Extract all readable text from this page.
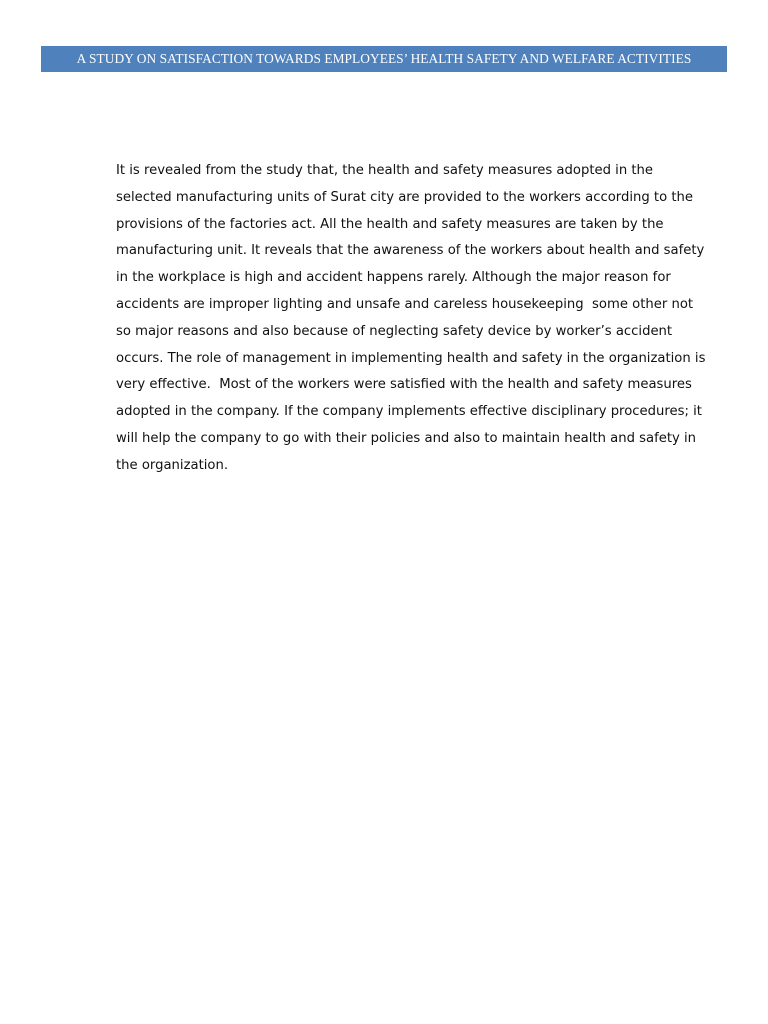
A STUDY ON SATISFACTION TOWARDS EMPLOYEES’ HEALTH SAFETY AND WELFARE ACTIVITIES

It is revealed from the study that, the health and safety measures adopted in the
selected manufacturing units of Surat city are provided to the workers according to the
provisions of the factories act. All the health and safety measures are taken by the
manufacturing unit. It reveals that the awareness of the workers about health and safety
in the workplace is high and accident happens rarely. Although the major reason for
accidents are improper lighting and unsafe and careless housekeeping  some other not
so major reasons and also because of neglecting safety device by worker’s accident
occurs. The role of management in implementing health and safety in the organization is
very effective.  Most of the workers were satisfied with the health and safety measures
adopted in the company. If the company implements effective disciplinary procedures; it
will help the company to go with their policies and also to maintain health and safety in
the organization.
